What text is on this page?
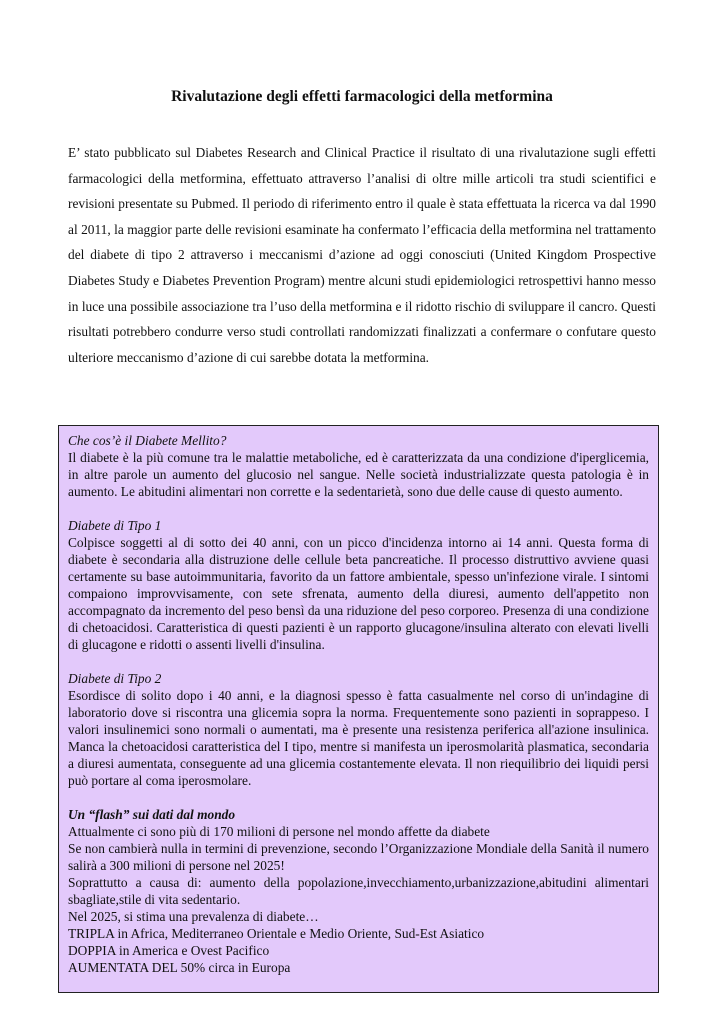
Rivalutazione degli effetti farmacologici della metformina

E’ stato pubblicato sul Diabetes Research and Clinical Practice il risultato di una rivalutazione sugli effetti farmacologici della metformina, effettuato attraverso l’analisi di oltre mille articoli tra studi scientifici e revisioni presentate su Pubmed. Il periodo di riferimento entro il quale è stata effettuata la ricerca va dal 1990 al 2011, la maggior parte delle revisioni esaminate ha confermato l’efficacia della metformina nel trattamento del diabete di tipo 2 attraverso i meccanismi d’azione ad oggi conosciuti (United Kingdom Prospective Diabetes Study e Diabetes Prevention Program) mentre alcuni studi epidemiologici retrospettivi hanno messo in luce una possibile associazione tra l’uso della metformina e il ridotto rischio di sviluppare il cancro. Questi risultati potrebbero condurre verso studi controllati randomizzati finalizzati a confermare o confutare questo ulteriore meccanismo d’azione di cui sarebbe dotata la metformina.

Che cos’è il Diabete Mellito?

Il diabete è la più comune tra le malattie metaboliche, ed è caratterizzata da una condizione d'iperglicemia, in altre parole un aumento del glucosio nel sangue. Nelle società industrializzate questa patologia è in aumento. Le abitudini alimentari non corrette e la sedentarietà, sono due delle cause di questo aumento.

Diabete di Tipo 1

Colpisce soggetti al di sotto dei 40 anni, con un picco d'incidenza intorno ai 14 anni. Questa forma di diabete è secondaria alla distruzione delle cellule beta pancreatiche. Il processo distruttivo avviene quasi certamente su base autoimmunitaria, favorito da un fattore ambientale, spesso un'infezione virale. I sintomi compaiono improvvisamente, con sete sfrenata, aumento della diuresi, aumento dell'appetito non accompagnato da incremento del peso bensì da una riduzione del peso corporeo. Presenza di una condizione di chetoacidosi. Caratteristica di questi pazienti è un rapporto glucagone/insulina alterato con elevati livelli di glucagone e ridotti o assenti livelli d'insulina.

Diabete di Tipo 2

Esordisce di solito dopo i 40 anni, e la diagnosi spesso è fatta casualmente nel corso di un'indagine di laboratorio dove si riscontra una glicemia sopra la norma. Frequentemente sono pazienti in soprappeso. I valori insulinemici sono normali o aumentati, ma è presente una resistenza periferica all'azione insulinica. Manca la chetoacidosi caratteristica del I tipo, mentre si manifesta un iperosmolarità plasmatica, secondaria a diuresi aumentata, conseguente ad una glicemia costantemente elevata. Il non riequilibrio dei liquidi persi può portare al coma iperosmolare.

Un “flash” sui dati dal mondo

Attualmente ci sono più di 170 milioni di persone nel mondo affette da diabete

Se non cambierà nulla in termini di prevenzione, secondo l’Organizzazione Mondiale della Sanità il numero salirà a 300 milioni di persone nel 2025!

Soprattutto a causa di: aumento della popolazione,invecchiamento,urbanizzazione,abitudini alimentari sbagliate,stile di vita sedentario.

Nel 2025, si stima una prevalenza di diabete…

TRIPLA in Africa, Mediterraneo Orientale e Medio Oriente, Sud-Est Asiatico

DOPPIA in America e Ovest Pacifico

AUMENTATA DEL 50% circa in Europa
